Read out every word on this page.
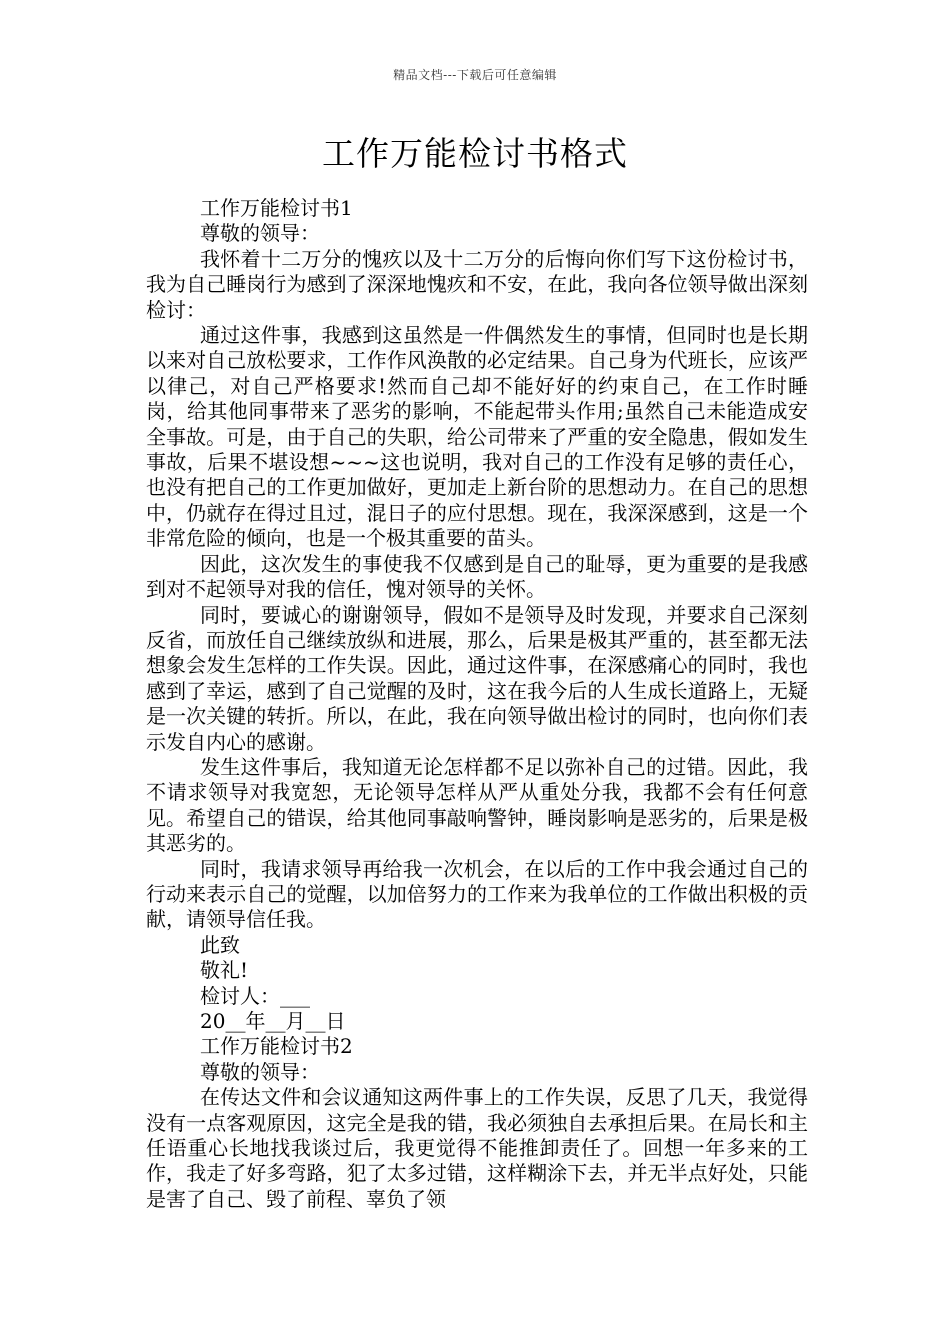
精品文档---下载后可任意编辑
工作万能检讨书格式

工作万能检讨书1

尊敬的领导：

我怀着十二万分的愧疚以及十二万分的后悔向你们写下这份检讨书，我为自己睡岗行为感到了深深地愧疚和不安，在此，我向各位领导做出深刻检讨：

通过这件事，我感到这虽然是一件偶然发生的事情，但同时也是长期以来对自己放松要求，工作作风涣散的必定结果。自己身为代班长，应该严以律己，对自己严格要求!然而自己却不能好好的约束自己，在工作时睡岗，给其他同事带来了恶劣的影响，不能起带头作用;虽然自己未能造成安全事故。可是，由于自己的失职，给公司带来了严重的安全隐患，假如发生事故，后果不堪设想~~~这也说明，我对自己的工作没有足够的责任心，也没有把自己的工作更加做好，更加走上新台阶的思想动力。在自己的思想中，仍就存在得过且过，混日子的应付思想。现在，我深深感到，这是一个非常危险的倾向，也是一个极其重要的苗头。

因此，这次发生的事使我不仅感到是自己的耻辱，更为重要的是我感到对不起领导对我的信任，愧对领导的关怀。

同时，要诚心的谢谢领导，假如不是领导及时发现，并要求自己深刻反省，而放任自己继续放纵和进展，那么，后果是极其严重的，甚至都无法想象会发生怎样的工作失误。因此，通过这件事，在深感痛心的同时，我也感到了幸运，感到了自己觉醒的及时，这在我今后的人生成长道路上，无疑是一次关键的转折。所以，在此，我在向领导做出检讨的同时，也向你们表示发自内心的感谢。

发生这件事后，我知道无论怎样都不足以弥补自己的过错。因此，我不请求领导对我宽恕，无论领导怎样从严从重处分我，我都不会有任何意见。希望自己的错误，给其他同事敲响警钟，睡岗影响是恶劣的，后果是极其恶劣的。

同时，我请求领导再给我一次机会，在以后的工作中我会通过自己的行动来表示自己的觉醒，以加倍努力的工作来为我单位的工作做出积极的贡献，请领导信任我。

此致

敬礼!

检讨人：___

20__年__月__日

工作万能检讨书2

尊敬的领导：

在传达文件和会议通知这两件事上的工作失误，反思了几天，我觉得没有一点客观原因，这完全是我的错，我必须独自去承担后果。在局长和主任语重心长地找我谈过后，我更觉得不能推卸责任了。回想一年多来的工作，我走了好多弯路，犯了太多过错，这样糊涂下去，并无半点好处，只能是害了自己、毁了前程、辜负了领
